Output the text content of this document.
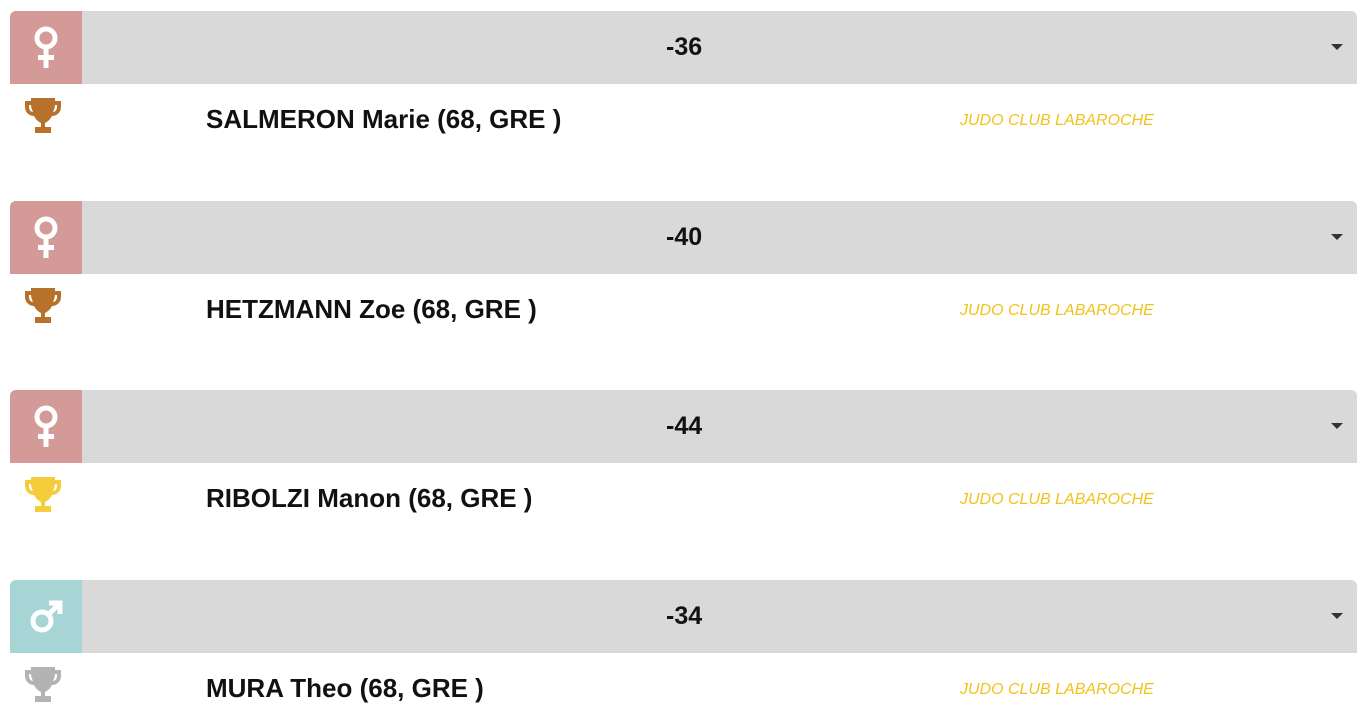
-36
SALMERON Marie (68, GRE )	JUDO CLUB LABAROCHE
-40
HETZMANN Zoe (68, GRE )	JUDO CLUB LABAROCHE
-44
RIBOLZI Manon (68, GRE )	JUDO CLUB LABAROCHE
-34
MURA Theo (68, GRE )	JUDO CLUB LABAROCHE
